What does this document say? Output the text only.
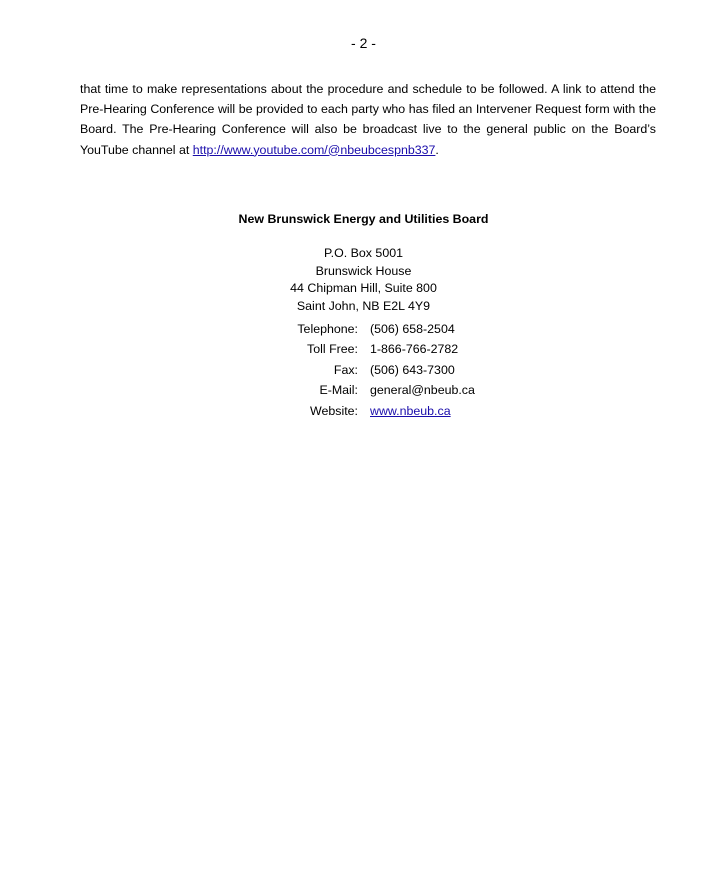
- 2 -

that time to make representations about the procedure and schedule to be followed. A link to attend the Pre-Hearing Conference will be provided to each party who has filed an Intervener Request form with the Board. The Pre-Hearing Conference will also be broadcast live to the general public on the Board’s YouTube channel at http://www.youtube.com/@nbeubcespnb337.

New Brunswick Energy and Utilities Board
P.O. Box 5001
Brunswick House
44 Chipman Hill, Suite 800
Saint John, NB E2L 4Y9
Telephone: (506) 658-2504
Toll Free: 1-866-766-2782
Fax: (506) 643-7300
E-Mail: general@nbeub.ca
Website: www.nbeub.ca
